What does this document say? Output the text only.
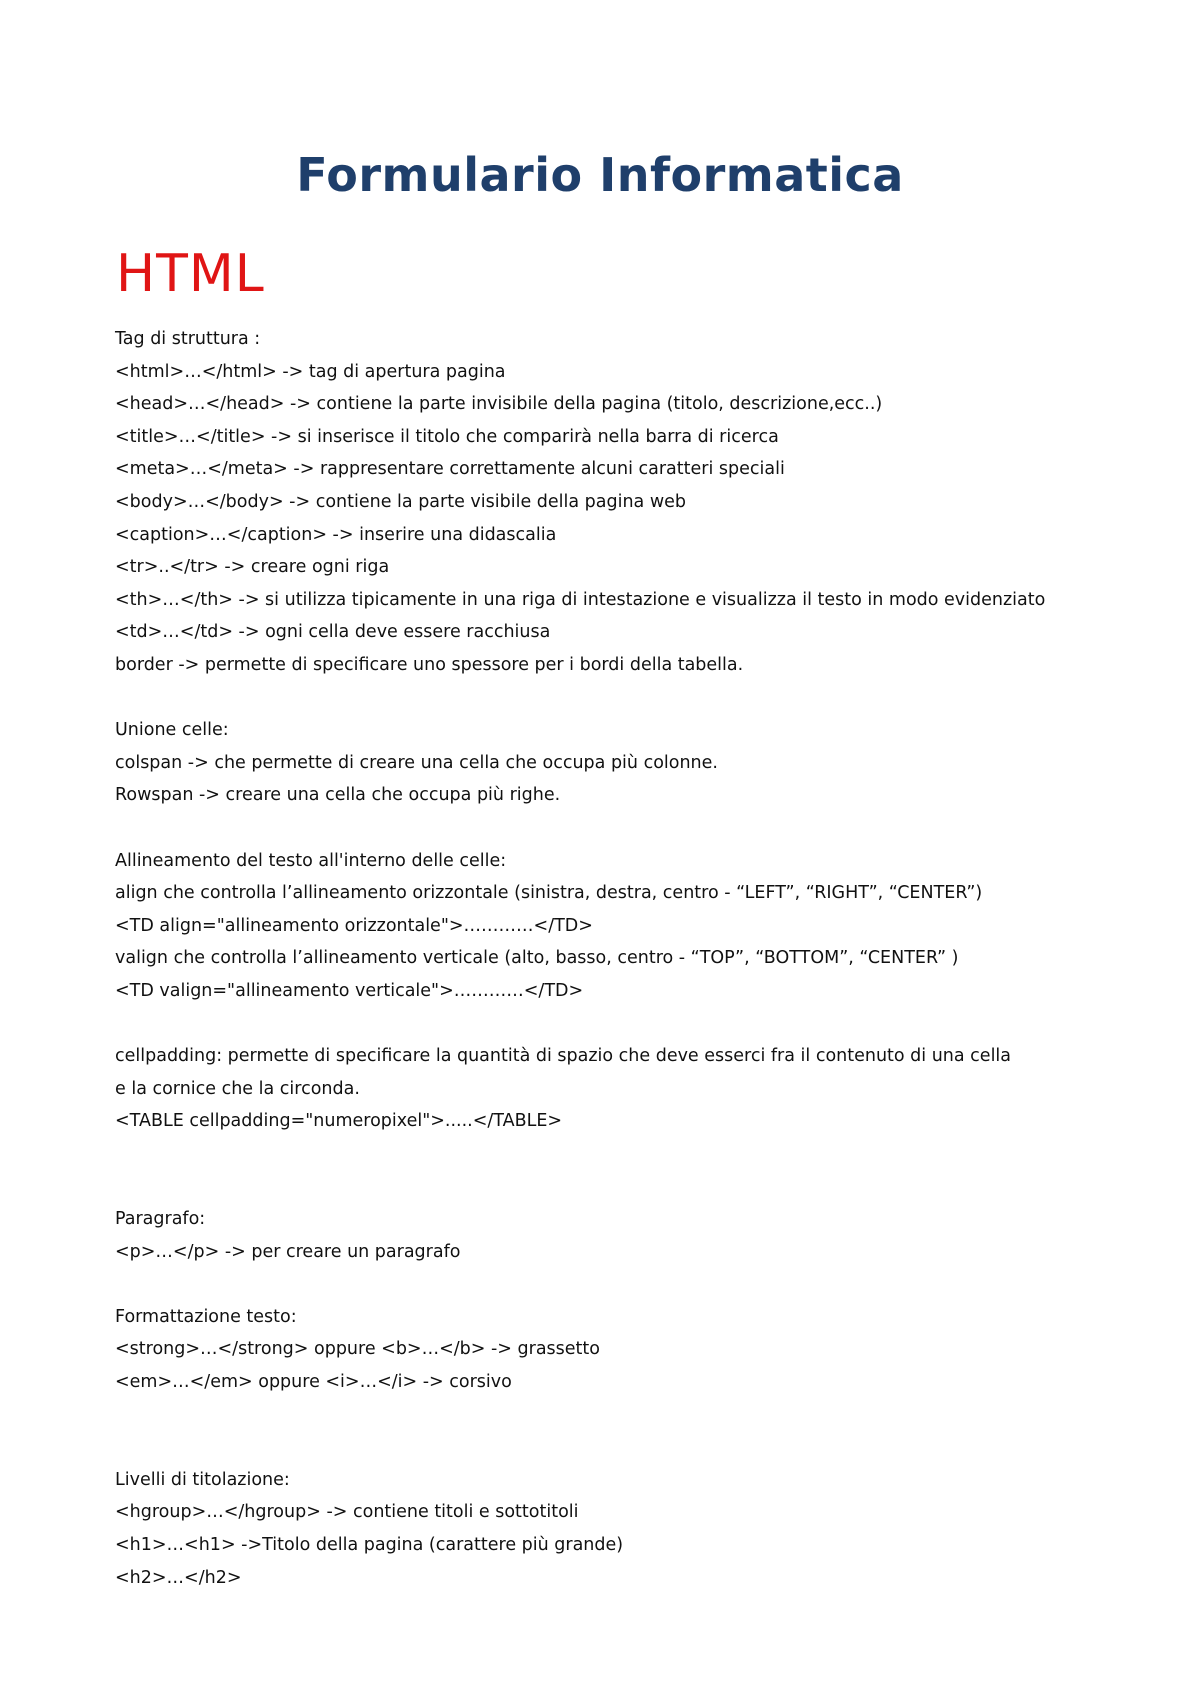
Formulario Informatica
HTML
Tag di struttura :
<html>…</html> -> tag di apertura pagina
<head>…</head> -> contiene la parte invisibile della pagina (titolo, descrizione,ecc..)
<title>…</title> -> si inserisce il titolo che comparirà nella barra di ricerca
<meta>…</meta> -> rappresentare correttamente alcuni caratteri speciali
<body>…</body> -> contiene la parte visibile della pagina web
<caption>…</caption> -> inserire una didascalia
<tr>..</tr> -> creare ogni riga
<th>…</th> -> si utilizza tipicamente in una riga di intestazione e visualizza il testo in modo evidenziato
<td>…</td> -> ogni cella deve essere racchiusa
border -> permette di specificare uno spessore per i bordi della tabella.
Unione celle:
colspan -> che permette di creare una cella che occupa più colonne.
Rowspan -> creare una cella che occupa più righe.
Allineamento del testo all'interno delle celle:
align che controlla l’allineamento orizzontale (sinistra, destra, centro - “LEFT”, “RIGHT”, “CENTER”)
<TD align="allineamento orizzontale">…………</TD>
valign che controlla l’allineamento verticale (alto, basso, centro - “TOP”, “BOTTOM”, “CENTER” )
<TD valign="allineamento verticale">…………</TD>
cellpadding: permette di specificare la quantità di spazio che deve esserci fra il contenuto di una cella
e la cornice che la circonda.
<TABLE cellpadding="numeropixel">.....</TABLE>
Paragrafo:
<p>…</p> -> per creare un paragrafo
Formattazione testo:
<strong>…</strong> oppure <b>…</b> -> grassetto
<em>…</em> oppure <i>…</i> -> corsivo
Livelli di titolazione:
<hgroup>…</hgroup> -> contiene titoli e sottotitoli
<h1>…<h1> ->Titolo della pagina (carattere più grande)
<h2>…</h2>
